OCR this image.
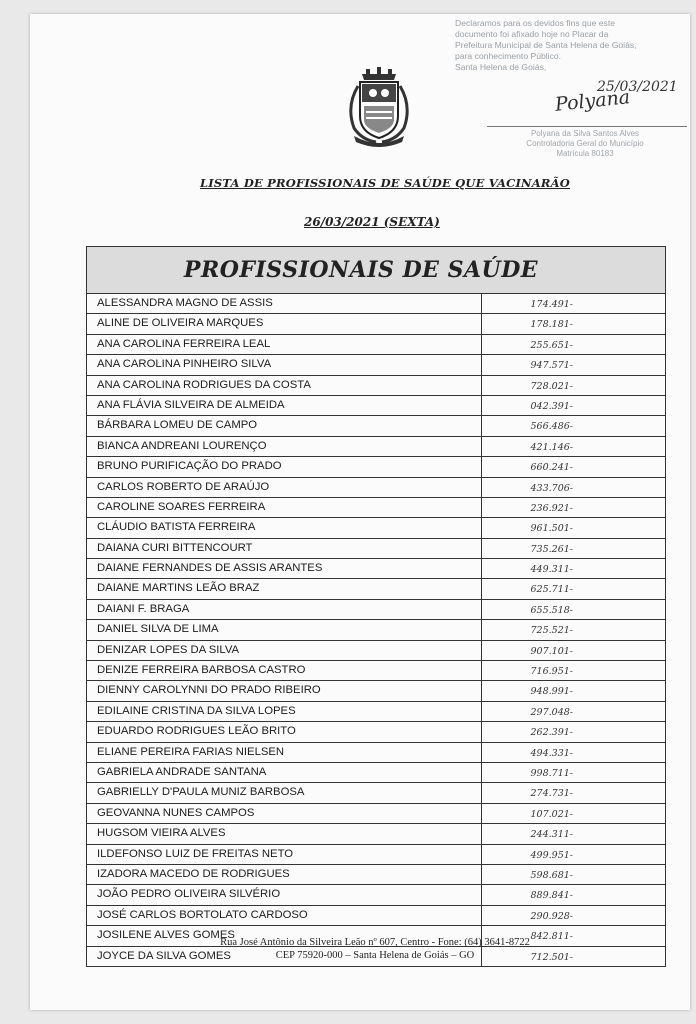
Declaramos para os devidos fins que este
documento foi afixado hoje no Placar da
Prefeitura Municipal de Santa Helena de Goiás,
para conhecimento Público.
Santa Helena de Goiás,
25/03/2021
Polyana
Polyana da Silva Santos Alves
Controladoria Geral do Município
Matrícula 80183
LISTA DE PROFISSIONAIS DE SAÚDE QUE VACINARÃO
26/03/2021 (SEXTA)
PROFISSIONAIS DE SAÚDE
ALESSANDRA MAGNO DE ASSIS	174.491-
ALINE DE OLIVEIRA MARQUES	178.181-
ANA CAROLINA FERREIRA LEAL	255.651-
ANA CAROLINA PINHEIRO SILVA	947.571-
ANA CAROLINA RODRIGUES DA COSTA	728.021-
ANA FLÁVIA SILVEIRA DE ALMEIDA	042.391-
BÁRBARA LOMEU DE CAMPO	566.486-
BIANCA ANDREANI LOURENÇO	421.146-
BRUNO PURIFICAÇÃO DO PRADO	660.241-
CARLOS ROBERTO DE ARAÚJO	433.706-
CAROLINE SOARES FERREIRA	236.921-
CLÁUDIO BATISTA FERREIRA	961.501-
DAIANA CURI BITTENCOURT	735.261-
DAIANE FERNANDES DE ASSIS ARANTES	449.311-
DAIANE MARTINS LEÃO BRAZ	625.711-
DAIANI F. BRAGA	655.518-
DANIEL SILVA DE LIMA	725.521-
DENIZAR LOPES DA SILVA	907.101-
DENIZE FERREIRA BARBOSA CASTRO	716.951-
DIENNY CAROLYNNI DO PRADO RIBEIRO	948.991-
EDILAINE CRISTINA DA SILVA LOPES	297.048-
EDUARDO RODRIGUES LEÃO BRITO	262.391-
ELIANE PEREIRA FARIAS NIELSEN	494.331-
GABRIELA ANDRADE SANTANA	998.711-
GABRIELLY D'PAULA MUNIZ BARBOSA	274.731-
GEOVANNA NUNES CAMPOS	107.021-
HUGSOM VIEIRA ALVES	244.311-
ILDEFONSO LUIZ DE FREITAS NETO	499.951-
IZADORA MACEDO DE RODRIGUES	598.681-
JOÃO PEDRO OLIVEIRA SILVÉRIO	889.841-
JOSÉ CARLOS BORTOLATO CARDOSO	290.928-
JOSILENE ALVES GOMES	842.811-
JOYCE DA SILVA GOMES	712.501-
Rua José Antônio da Silveira Leão nº 607, Centro - Fone: (64) 3641-8722
CEP 75920-000 – Santa Helena de Goiás – GO
